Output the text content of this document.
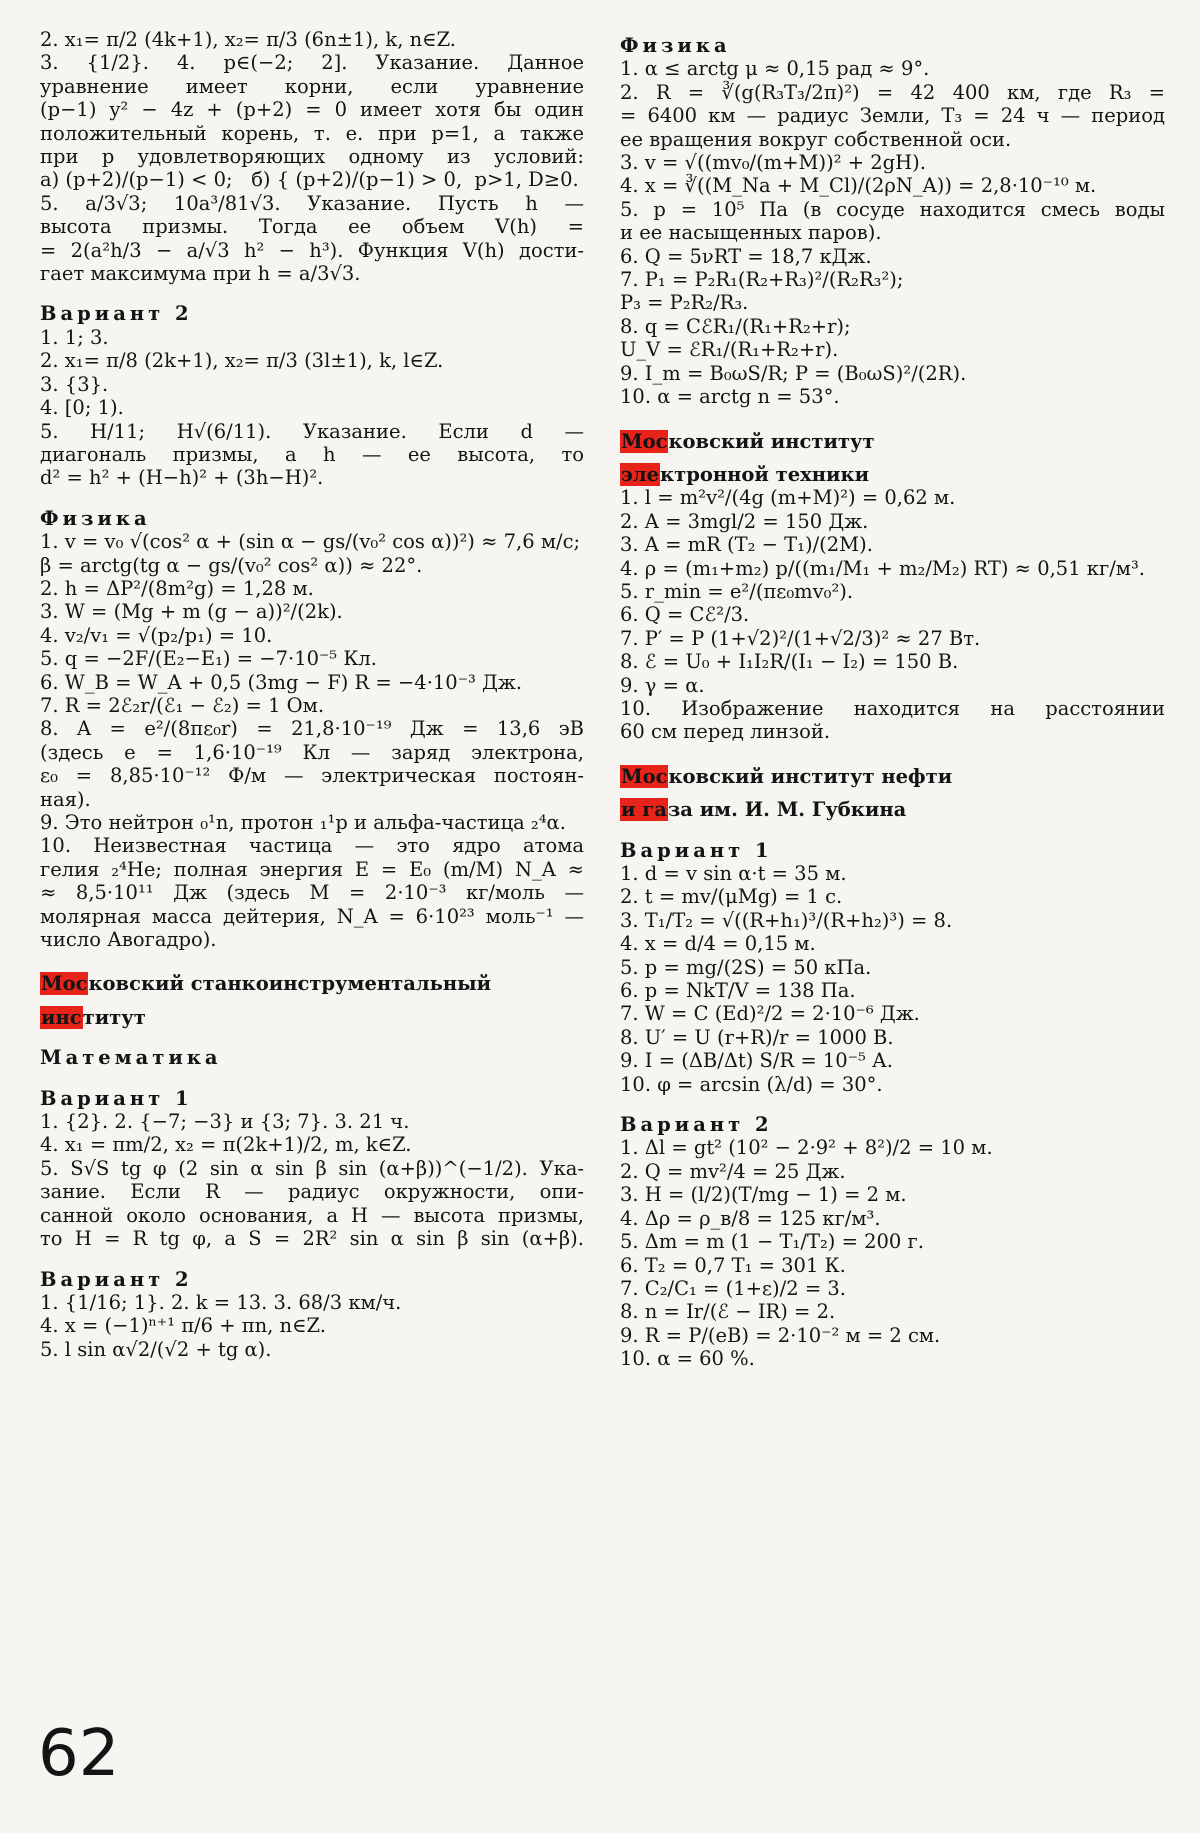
2. x₁= π/2 (4k+1), x₂= π/3 (6n±1), k, n∈Z.
3. {1/2}. 4. p∈(−2; 2]. Указание. Данное
уравнение имеет корни, если уравнение
(p−1) y² − 4z + (p+2) = 0 имеет хотя бы один
положительный корень, т. е. при p=1, а также
при p удовлетворяющих одному из условий:
а) (p+2)/(p−1) < 0;   б) { (p+2)/(p−1) > 0,  p>1, D≥0.
5. a/3√3; 10a³/81√3. Указание. Пусть h —
высота призмы. Тогда ее объем V(h) =
= 2(a²h/3 − a/√3 h² − h³). Функция V(h) дости-
гает максимума при h = a/3√3.
Вариант 2
1. 1; 3.
2. x₁= π/8 (2k+1), x₂= π/3 (3l±1), k, l∈Z.
3. {3}.
4. [0; 1).
5. H/11; H√(6/11). Указание. Если d —
диагональ призмы, а h — ее высота, то
d² = h² + (H−h)² + (3h−H)².
Физика
1. v = v₀ √(cos² α + (sin α − gs/(v₀² cos α))²) ≈ 7,6 м/с;
β = arctg(tg α − gs/(v₀² cos² α)) ≈ 22°.
2. h = ΔP²/(8m²g) = 1,28 м.
3. W = (Mg + m (g − a))²/(2k).
4. v₂/v₁ = √(p₂/p₁) = 10.
5. q = −2F/(E₂−E₁) = −7·10⁻⁵ Кл.
6. W_B = W_A + 0,5 (3mg − F) R = −4·10⁻³ Дж.
7. R = 2ℰ₂r/(ℰ₁ − ℰ₂) = 1 Ом.
8. A = e²/(8πε₀r) = 21,8·10⁻¹⁹ Дж = 13,6 эВ
(здесь e = 1,6·10⁻¹⁹ Кл — заряд электрона,
ε₀ = 8,85·10⁻¹² Ф/м — электрическая постоян-
ная).
9. Это нейтрон ₀¹n, протон ₁¹p и альфа-частица ₂⁴α.
10. Неизвестная частица — это ядро атома
гелия ₂⁴He; полная энергия E = E₀ (m/M) N_A ≈
≈ 8,5·10¹¹ Дж (здесь M = 2·10⁻³ кг/моль —
молярная масса дейтерия, N_A = 6·10²³ моль⁻¹ —
число Авогадро).
Московский станкоинструментальный
институт
Математика
Вариант 1
1. {2}. 2. {−7; −3} и {3; 7}. 3. 21 ч.
4. x₁ = πm/2, x₂ = π(2k+1)/2, m, k∈Z.
5. S√S tg φ (2 sin α sin β sin (α+β))^(−1/2). Ука-
зание. Если R — радиус окружности, опи-
санной около основания, а H — высота призмы,
то H = R tg φ, а S = 2R² sin α sin β sin (α+β).
Вариант 2
1. {1/16; 1}. 2. k = 13. 3. 68/3 км/ч.
4. x = (−1)ⁿ⁺¹ π/6 + πn, n∈Z.
5. l sin α√2/(√2 + tg α).
Физика
1. α ≤ arctg μ ≈ 0,15 рад ≈ 9°.
2. R = ∛(g(R₃T₃/2π)²) = 42 400 км, где R₃ =
= 6400 км — радиус Земли, T₃ = 24 ч — период
ее вращения вокруг собственной оси.
3. v = √((mv₀/(m+M))² + 2gH).
4. x = ∛((M_Na + M_Cl)/(2ρN_A)) = 2,8·10⁻¹⁰ м.
5. p = 10⁵ Па (в сосуде находится смесь воды
и ее насыщенных паров).
6. Q = 5νRT = 18,7 кДж.
7. P₁ = P₂R₁(R₂+R₃)²/(R₂R₃²);
P₃ = P₂R₂/R₃.
8. q = CℰR₁/(R₁+R₂+r);
U_V = ℰR₁/(R₁+R₂+r).
9. I_m = B₀ωS/R; P = (B₀ωS)²/(2R).
10. α = arctg n = 53°.
Московский институт
электронной техники
1. l = m²v²/(4g (m+M)²) = 0,62 м.
2. A = 3mgl/2 = 150 Дж.
3. A = mR (T₂ − T₁)/(2M).
4. ρ = (m₁+m₂) p/((m₁/M₁ + m₂/M₂) RT) ≈ 0,51 кг/м³.
5. r_min = e²/(πε₀mv₀²).
6. Q = Cℰ²/3.
7. P′ = P (1+√2)²/(1+√2/3)² ≈ 27 Вт.
8. ℰ = U₀ + I₁I₂R/(I₁ − I₂) = 150 В.
9. γ = α.
10. Изображение находится на расстоянии
60 см перед линзой.
Московский институт нефти
и газа им. И. М. Губкина
Вариант 1
1. d = v sin α·t = 35 м.
2. t = mv/(μMg) = 1 с.
3. T₁/T₂ = √((R+h₁)³/(R+h₂)³) = 8.
4. x = d/4 = 0,15 м.
5. p = mg/(2S) = 50 кПа.
6. p = NkT/V = 138 Па.
7. W = C (Ed)²/2 = 2·10⁻⁶ Дж.
8. U′ = U (r+R)/r = 1000 В.
9. I = (ΔB/Δt) S/R = 10⁻⁵ А.
10. φ = arcsin (λ/d) = 30°.
Вариант 2
1. Δl = gt² (10² − 2·9² + 8²)/2 = 10 м.
2. Q = mv²/4 = 25 Дж.
3. H = (l/2)(T/mg − 1) = 2 м.
4. Δρ = ρ_в/8 = 125 кг/м³.
5. Δm = m (1 − T₁/T₂) = 200 г.
6. T₂ = 0,7 T₁ = 301 К.
7. C₂/C₁ = (1+ε)/2 = 3.
8. n = Ir/(ℰ − IR) = 2.
9. R = P/(eB) = 2·10⁻² м = 2 см.
10. α = 60 %.
62
